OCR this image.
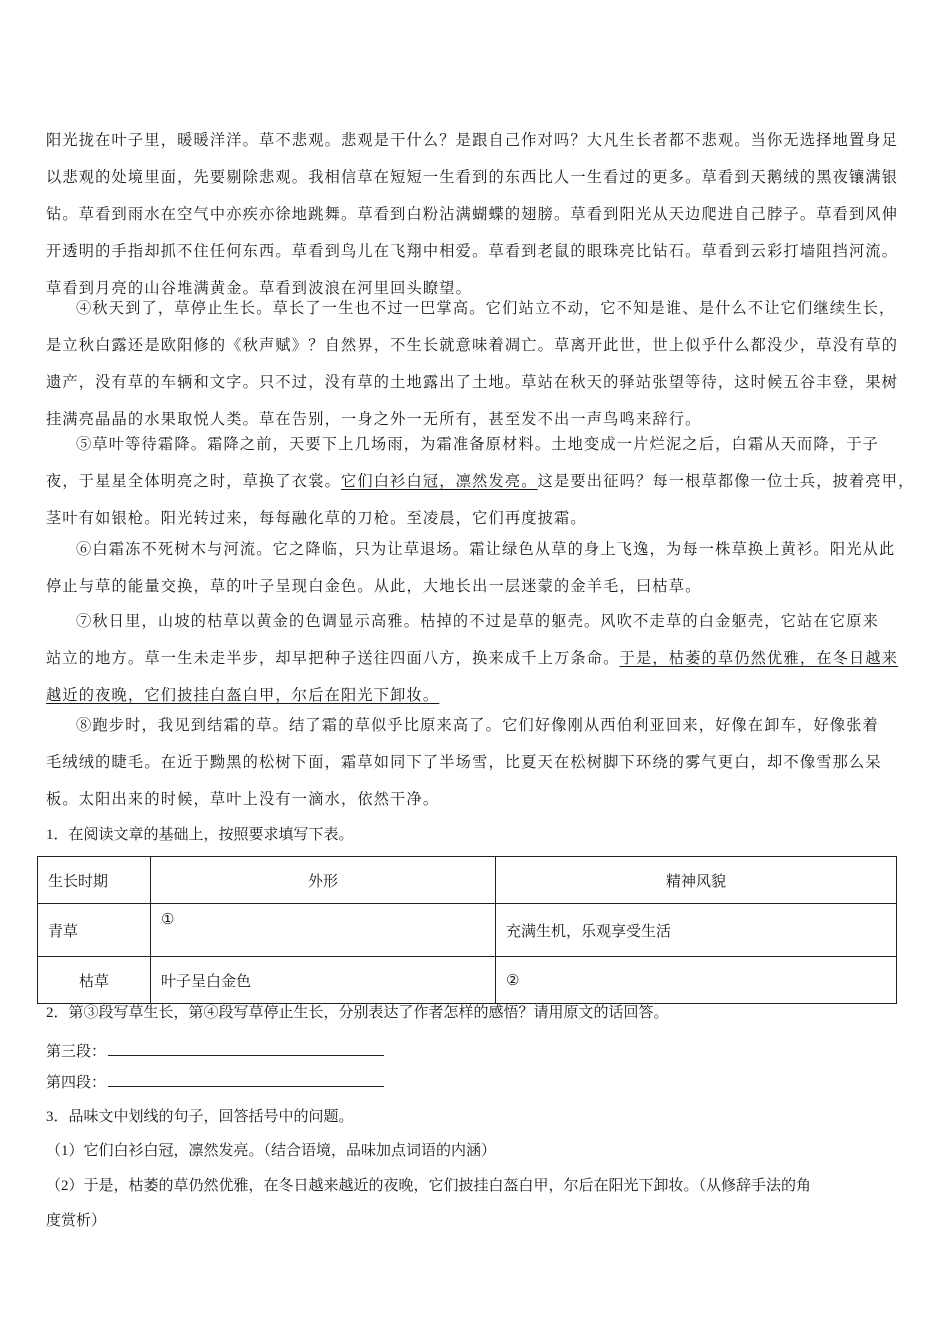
阳光拢在叶子里，暖暖洋洋。草不悲观。悲观是干什么？是跟自己作对吗？大凡生长者都不悲观。当你无选择地置身足
以悲观的处境里面，先要剔除悲观。我相信草在短短一生看到的东西比人一生看过的更多。草看到天鹅绒的黑夜镶满银
钻。草看到雨水在空气中亦疾亦徐地跳舞。草看到白粉沾满蝴蝶的翅膀。草看到阳光从天边爬进自己脖子。草看到风伸
开透明的手指却抓不住任何东西。草看到鸟儿在飞翔中相爱。草看到老鼠的眼珠亮比钻石。草看到云彩打墙阻挡河流。
草看到月亮的山谷堆满黄金。草看到波浪在河里回头瞭望。
④秋天到了，草停止生长。草长了一生也不过一巴掌高。它们站立不动，它不知是谁、是什么不让它们继续生长，
是立秋白露还是欧阳修的《秋声赋》？自然界，不生长就意味着凋亡。草离开此世，世上似乎什么都没少，草没有草的
遗产，没有草的车辆和文字。只不过，没有草的土地露出了土地。草站在秋天的驿站张望等待，这时候五谷丰登，果树
挂满亮晶晶的水果取悦人类。草在告别，一身之外一无所有，甚至发不出一声鸟鸣来辞行。
⑤草叶等待霜降。霜降之前，天要下上几场雨，为霜准备原材料。土地变成一片烂泥之后，白霜从天而降，于子
夜，于星星全体明亮之时，草换了衣裳。它们白衫白冠，凛然发亮。这是要出征吗？每一根草都像一位士兵，披着亮甲，
茎叶有如银枪。阳光转过来，每每融化草的刀枪。至凌晨，它们再度披霜。
⑥白霜冻不死树木与河流。它之降临，只为让草退场。霜让绿色从草的身上飞逸，为每一株草换上黄衫。阳光从此
停止与草的能量交换，草的叶子呈现白金色。从此，大地长出一层迷蒙的金羊毛，曰枯草。
⑦秋日里，山坡的枯草以黄金的色调显示高雅。枯掉的不过是草的躯壳。风吹不走草的白金躯壳，它站在它原来
站立的地方。草一生未走半步，却早把种子送往四面八方，换来成千上万条命。于是，枯萎的草仍然优雅，在冬日越来
越近的夜晚，它们披挂白盔白甲，尔后在阳光下卸妆。
⑧跑步时，我见到结霜的草。结了霜的草似乎比原来高了。它们好像刚从西伯利亚回来，好像在卸车，好像张着
毛绒绒的睫毛。在近于黝黑的松树下面，霜草如同下了半场雪，比夏天在松树脚下环绕的雾气更白，却不像雪那么呆
板。太阳出来的时候，草叶上没有一滴水，依然干净。
1．在阅读文章的基础上，按照要求填写下表。
生长时期	外形	精神风貌
青草	①	充满生机，乐观享受生活
枯草	叶子呈白金色	②
2．第③段写草生长，第④段写草停止生长，分别表达了作者怎样的感悟？请用原文的话回答。
第三段：
第四段：
3．品味文中划线的句子，回答括号中的问题。
（1）它们白衫白冠，凛然发亮。（结合语境，品味加点词语的内涵）
（2）于是，枯萎的草仍然优雅，在冬日越来越近的夜晚，它们披挂白盔白甲，尔后在阳光下卸妆。（从修辞手法的角
度赏析）
